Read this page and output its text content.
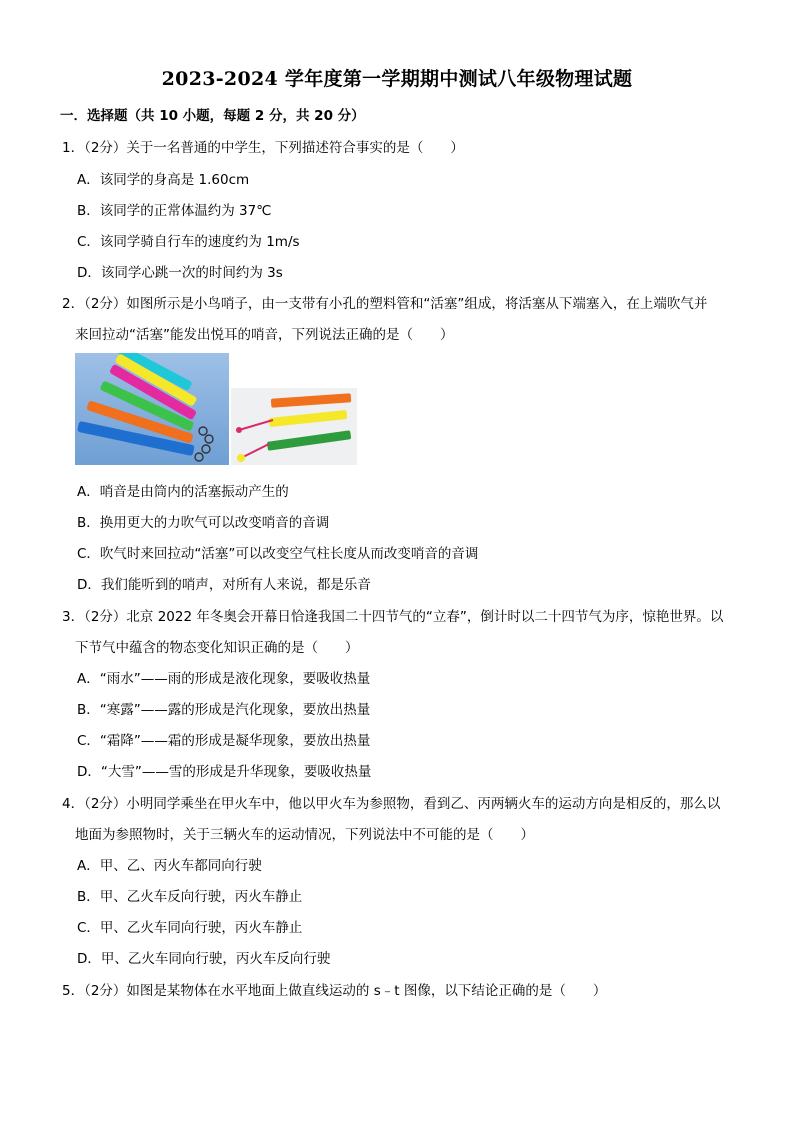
2023-2024 学年度第一学期期中测试八年级物理试题
一．选择题（共 10 小题，每题 2 分，共 20 分）
1．（2分）关于一名普通的中学生，下列描述符合事实的是（　　）
A．该同学的身高是 1.60cm
B．该同学的正常体温约为 37℃
C．该同学骑自行车的速度约为 1m/s
D．该同学心跳一次的时间约为 3s
2．（2分）如图所示是小鸟哨子，由一支带有小孔的塑料管和“活塞”组成，将活塞从下端塞入，在上端吹气并
来回拉动“活塞”能发出悦耳的哨音，下列说法正确的是（　　）
A．哨音是由筒内的活塞振动产生的
B．换用更大的力吹气可以改变哨音的音调
C．吹气时来回拉动“活塞”可以改变空气柱长度从而改变哨音的音调
D．我们能听到的哨声，对所有人来说，都是乐音
3．（2分）北京 2022 年冬奥会开幕日恰逢我国二十四节气的“立春”，倒计时以二十四节气为序，惊艳世界。以
下节气中蕴含的物态变化知识正确的是（　　）
A．“雨水”——雨的形成是液化现象，要吸收热量
B．“寒露”——露的形成是汽化现象，要放出热量
C．“霜降”——霜的形成是凝华现象，要放出热量
D．“大雪”——雪的形成是升华现象，要吸收热量
4．（2分）小明同学乘坐在甲火车中，他以甲火车为参照物，看到乙、丙两辆火车的运动方向是相反的，那么以
地面为参照物时，关于三辆火车的运动情况，下列说法中不可能的是（　　）
A．甲、乙、丙火车都同向行驶
B．甲、乙火车反向行驶，丙火车静止
C．甲、乙火车同向行驶，丙火车静止
D．甲、乙火车同向行驶，丙火车反向行驶
5．（2分）如图是某物体在水平地面上做直线运动的 s﹣t 图像，以下结论正确的是（　　）
